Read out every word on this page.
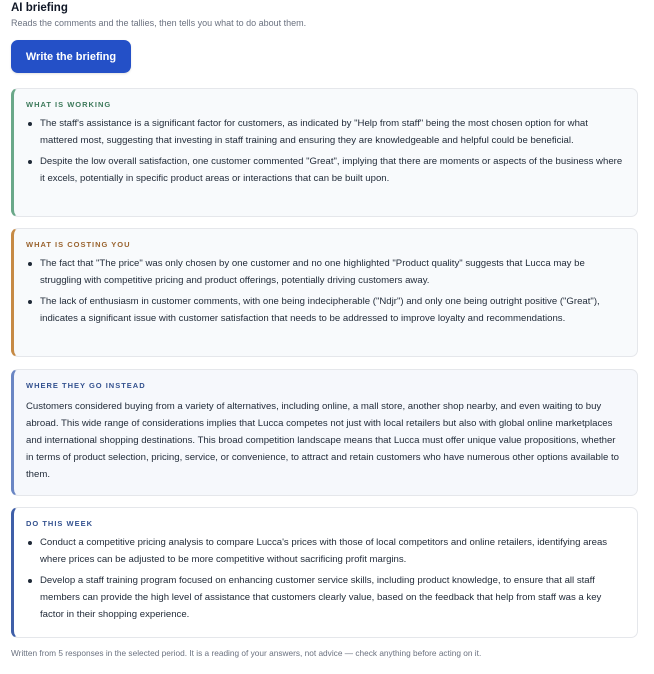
AI briefing
Reads the comments and the tallies, then tells you what to do about them.
Write the briefing
WHAT IS WORKING
The staff's assistance is a significant factor for customers, as indicated by "Help from staff" being the most chosen option for what mattered most, suggesting that investing in staff training and ensuring they are knowledgeable and helpful could be beneficial.
Despite the low overall satisfaction, one customer commented "Great", implying that there are moments or aspects of the business where it excels, potentially in specific product areas or interactions that can be built upon.
WHAT IS COSTING YOU
The fact that "The price" was only chosen by one customer and no one highlighted "Product quality" suggests that Lucca may be struggling with competitive pricing and product offerings, potentially driving customers away.
The lack of enthusiasm in customer comments, with one being indecipherable ("Ndjr") and only one being outright positive ("Great"), indicates a significant issue with customer satisfaction that needs to be addressed to improve loyalty and recommendations.
WHERE THEY GO INSTEAD

Customers considered buying from a variety of alternatives, including online, a mall store, another shop nearby, and even waiting to buy abroad. This wide range of considerations implies that Lucca competes not just with local retailers but also with global online marketplaces and international shopping destinations. This broad competition landscape means that Lucca must offer unique value propositions, whether in terms of product selection, pricing, service, or convenience, to attract and retain customers who have numerous other options available to them.

DO THIS WEEK
Conduct a competitive pricing analysis to compare Lucca's prices with those of local competitors and online retailers, identifying areas where prices can be adjusted to be more competitive without sacrificing profit margins.
Develop a staff training program focused on enhancing customer service skills, including product knowledge, to ensure that all staff members can provide the high level of assistance that customers clearly value, based on the feedback that help from staff was a key factor in their shopping experience.
Written from 5 responses in the selected period. It is a reading of your answers, not advice — check anything before acting on it.
